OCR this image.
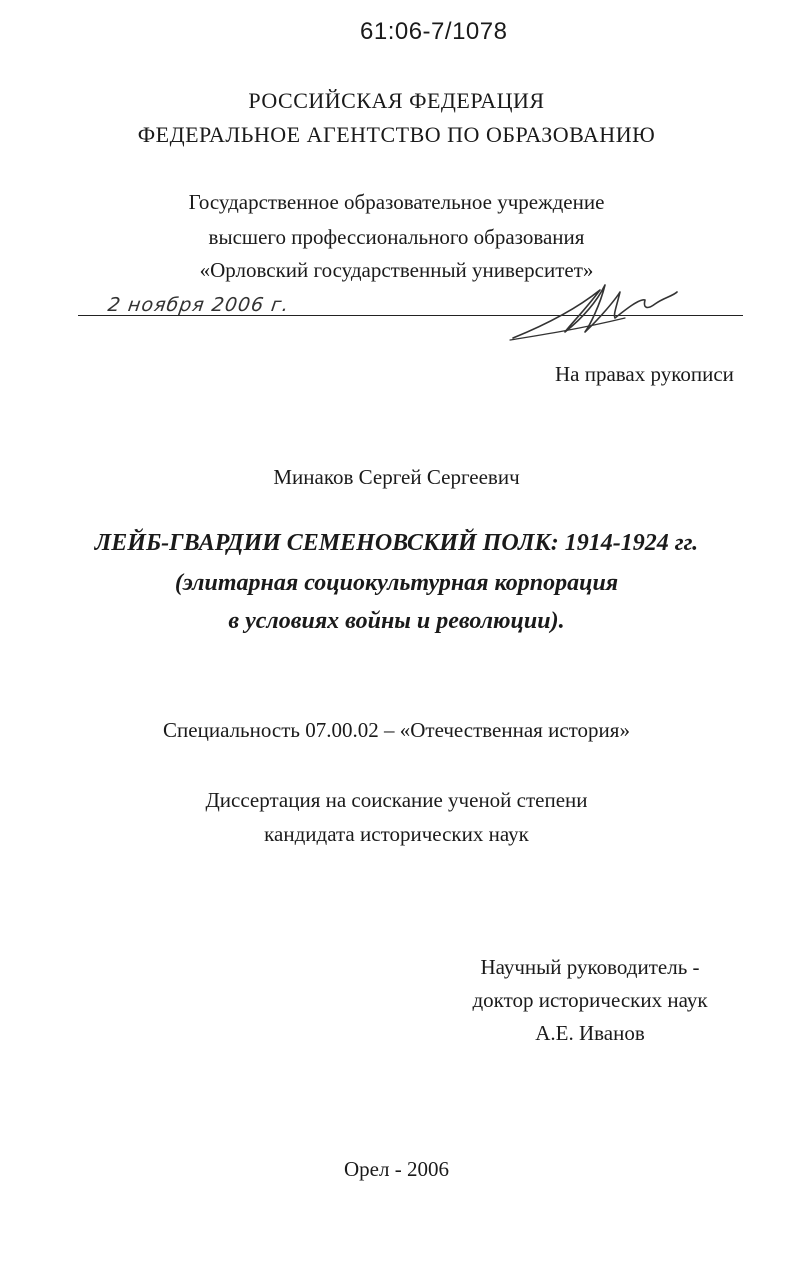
61:06-7/1078
РОССИЙСКАЯ ФЕДЕРАЦИЯ
ФЕДЕРАЛЬНОЕ АГЕНТСТВО ПО ОБРАЗОВАНИЮ
Государственное образовательное учреждение
высшего профессионального образования
«Орловский государственный университет»
2 ноября 2006 г.
На правах рукописи
Минаков Сергей Сергеевич
ЛЕЙБ-ГВАРДИИ СЕМЕНОВСКИЙ ПОЛК: 1914-1924 гг.
(элитарная социокультурная корпорация
в условиях войны и революции).
Специальность 07.00.02 – «Отечественная история»
Диссертация на соискание ученой степени
кандидата исторических наук
Научный руководитель -
доктор исторических наук
А.Е. Иванов
Орел - 2006
